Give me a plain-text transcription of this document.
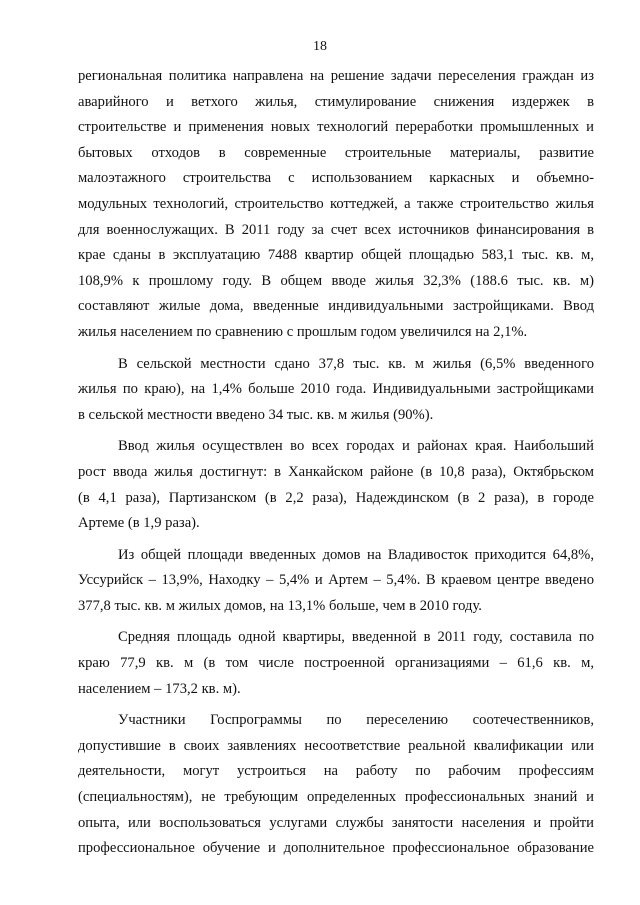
18

региональная политика направлена на решение задачи переселения граждан из
аварийного и ветхого жилья, стимулирование снижения издержек в
строительстве и применения новых технологий переработки промышленных и
бытовых отходов в современные строительные материалы, развитие
малоэтажного строительства с использованием каркасных и объемно-
модульных технологий, строительство коттеджей, а также строительство жилья
для военнослужащих. В 2011 году за счет всех источников финансирования в
крае сданы в эксплуатацию 7488 квартир общей площадью 583,1 тыс. кв. м,
108,9% к прошлому году. В общем вводе жилья 32,3% (188.6 тыс. кв. м)
составляют жилые дома, введенные индивидуальными застройщиками. Ввод
жилья населением по сравнению с прошлым годом увеличился на 2,1%.

В сельской местности сдано 37,8 тыс. кв. м жилья (6,5% введенного
жилья по краю), на 1,4% больше 2010 года. Индивидуальными застройщиками
в сельской местности введено 34 тыс. кв. м жилья (90%).

Ввод жилья осуществлен во всех городах и районах края. Наибольший
рост ввода жилья достигнут: в Ханкайском районе (в 10,8 раза), Октябрьском
(в 4,1 раза), Партизанском (в 2,2 раза), Надеждинском (в 2 раза), в городе
Артеме (в 1,9 раза).

Из общей площади введенных домов на Владивосток приходится 64,8%,
Уссурийск – 13,9%, Находку – 5,4% и Артем – 5,4%. В краевом центре введено
377,8 тыс. кв. м жилых домов, на 13,1% больше, чем в 2010 году.

Средняя площадь одной квартиры, введенной в 2011 году, составила по
краю 77,9 кв. м (в том числе построенной организациями – 61,6 кв. м,
населением – 173,2 кв. м).

Участники Госпрограммы по переселению соотечественников,
допустившие в своих заявлениях несоответствие реальной квалификации или
деятельности, могут устроиться на работу по рабочим профессиям
(специальностям), не требующим определенных профессиональных знаний и
опыта, или воспользоваться услугами службы занятости населения и пройти
профессиональное обучение и дополнительное профессиональное образование
